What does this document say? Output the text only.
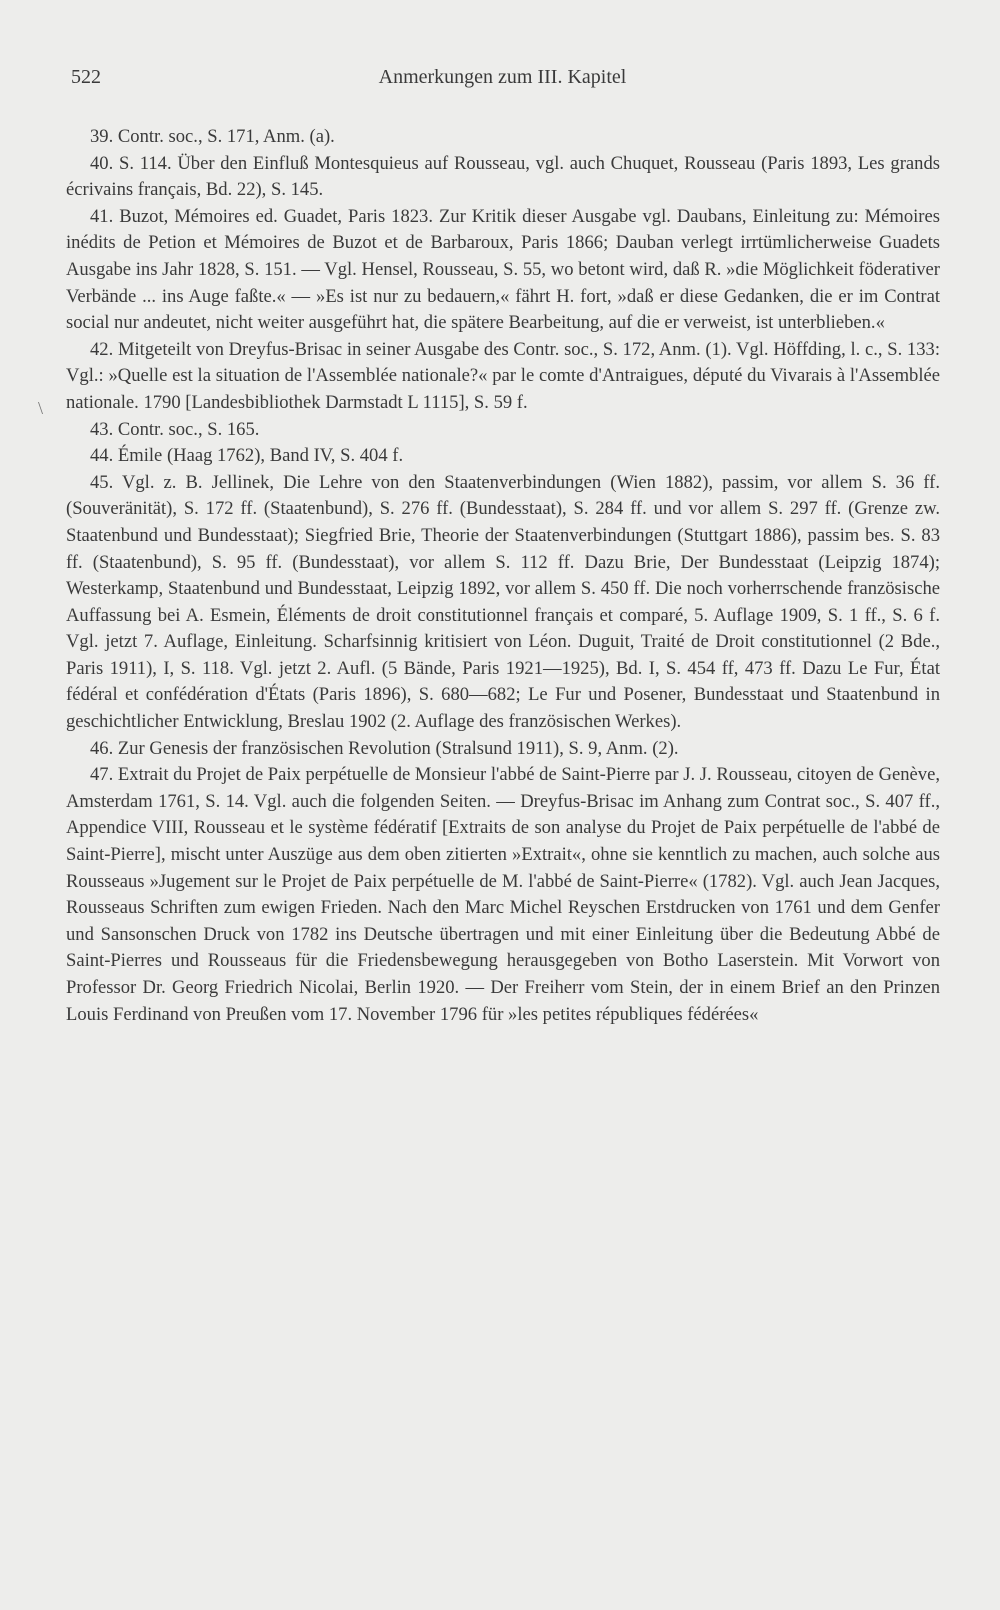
522	Anmerkungen zum III. Kapitel
\

39. Contr. soc., S. 171, Anm. (a).

40. S. 114. Über den Einfluß Montesquieus auf Rousseau, vgl. auch Chuquet, Rousseau (Paris 1893, Les grands écrivains français, Bd. 22), S. 145.

41. Buzot, Mémoires ed. Guadet, Paris 1823. Zur Kritik dieser Ausgabe vgl. Daubans, Einleitung zu: Mémoires inédits de Petion et Mémoires de Buzot et de Barbaroux, Paris 1866; Dauban verlegt irrtümlicherweise Guadets Ausgabe ins Jahr 1828, S. 151. — Vgl. Hensel, Rousseau, S. 55, wo betont wird, daß R. »die Möglichkeit föderativer Verbände ... ins Auge faßte.« — »Es ist nur zu bedauern,« fährt H. fort, »daß er diese Gedanken, die er im Contrat social nur andeutet, nicht weiter ausgeführt hat, die spätere Bearbeitung, auf die er verweist, ist unterblieben.«

42. Mitgeteilt von Dreyfus-Brisac in seiner Ausgabe des Contr. soc., S. 172, Anm. (1). Vgl. Höffding, l. c., S. 133: Vgl.: »Quelle est la situation de l'Assemblée nationale?« par le comte d'Antraigues, député du Vivarais à l'Assemblée nationale. 1790 [Landesbibliothek Darmstadt L 1115], S. 59 f.

43. Contr. soc., S. 165.

44. Émile (Haag 1762), Band IV, S. 404 f.

45. Vgl. z. B. Jellinek, Die Lehre von den Staatenverbindungen (Wien 1882), passim, vor allem S. 36 ff. (Souveränität), S. 172 ff. (Staatenbund), S. 276 ff. (Bundesstaat), S. 284 ff. und vor allem S. 297 ff. (Grenze zw. Staatenbund und Bundesstaat); Siegfried Brie, Theorie der Staatenverbindungen (Stuttgart 1886), passim bes. S. 83 ff. (Staatenbund), S. 95 ff. (Bundesstaat), vor allem S. 112 ff. Dazu Brie, Der Bundesstaat (Leipzig 1874); Westerkamp, Staatenbund und Bundesstaat, Leipzig 1892, vor allem S. 450 ff. Die noch vorherrschende französische Auffassung bei A. Esmein, Éléments de droit constitutionnel français et comparé, 5. Auflage 1909, S. 1 ff., S. 6 f. Vgl. jetzt 7. Auflage, Einleitung. Scharfsinnig kritisiert von Léon. Duguit, Traité de Droit constitutionnel (2 Bde., Paris 1911), I, S. 118. Vgl. jetzt 2. Aufl. (5 Bände, Paris 1921—1925), Bd. I, S. 454 ff, 473 ff. Dazu Le Fur, État fédéral et confédération d'États (Paris 1896), S. 680—682; Le Fur und Posener, Bundesstaat und Staatenbund in geschichtlicher Entwicklung, Breslau 1902 (2. Auflage des französischen Werkes).

46. Zur Genesis der französischen Revolution (Stralsund 1911), S. 9, Anm. (2).

47. Extrait du Projet de Paix perpétuelle de Monsieur l'abbé de Saint-Pierre par J. J. Rousseau, citoyen de Genève, Amsterdam 1761, S. 14. Vgl. auch die folgenden Seiten. — Dreyfus-Brisac im Anhang zum Contrat soc., S. 407 ff., Appendice VIII, Rousseau et le système fédératif [Extraits de son analyse du Projet de Paix perpétuelle de l'abbé de Saint-Pierre], mischt unter Auszüge aus dem oben zitierten »Extrait«, ohne sie kenntlich zu machen, auch solche aus Rousseaus »Jugement sur le Projet de Paix perpétuelle de M. l'abbé de Saint-Pierre« (1782). Vgl. auch Jean Jacques, Rousseaus Schriften zum ewigen Frieden. Nach den Marc Michel Reyschen Erstdrucken von 1761 und dem Genfer und Sansonschen Druck von 1782 ins Deutsche übertragen und mit einer Einleitung über die Bedeutung Abbé de Saint-Pierres und Rousseaus für die Friedensbewegung herausgegeben von Botho Laserstein. Mit Vorwort von Professor Dr. Georg Friedrich Nicolai, Berlin 1920. — Der Freiherr vom Stein, der in einem Brief an den Prinzen Louis Ferdinand von Preußen vom 17. November 1796 für »les petites républiques fédérées«
